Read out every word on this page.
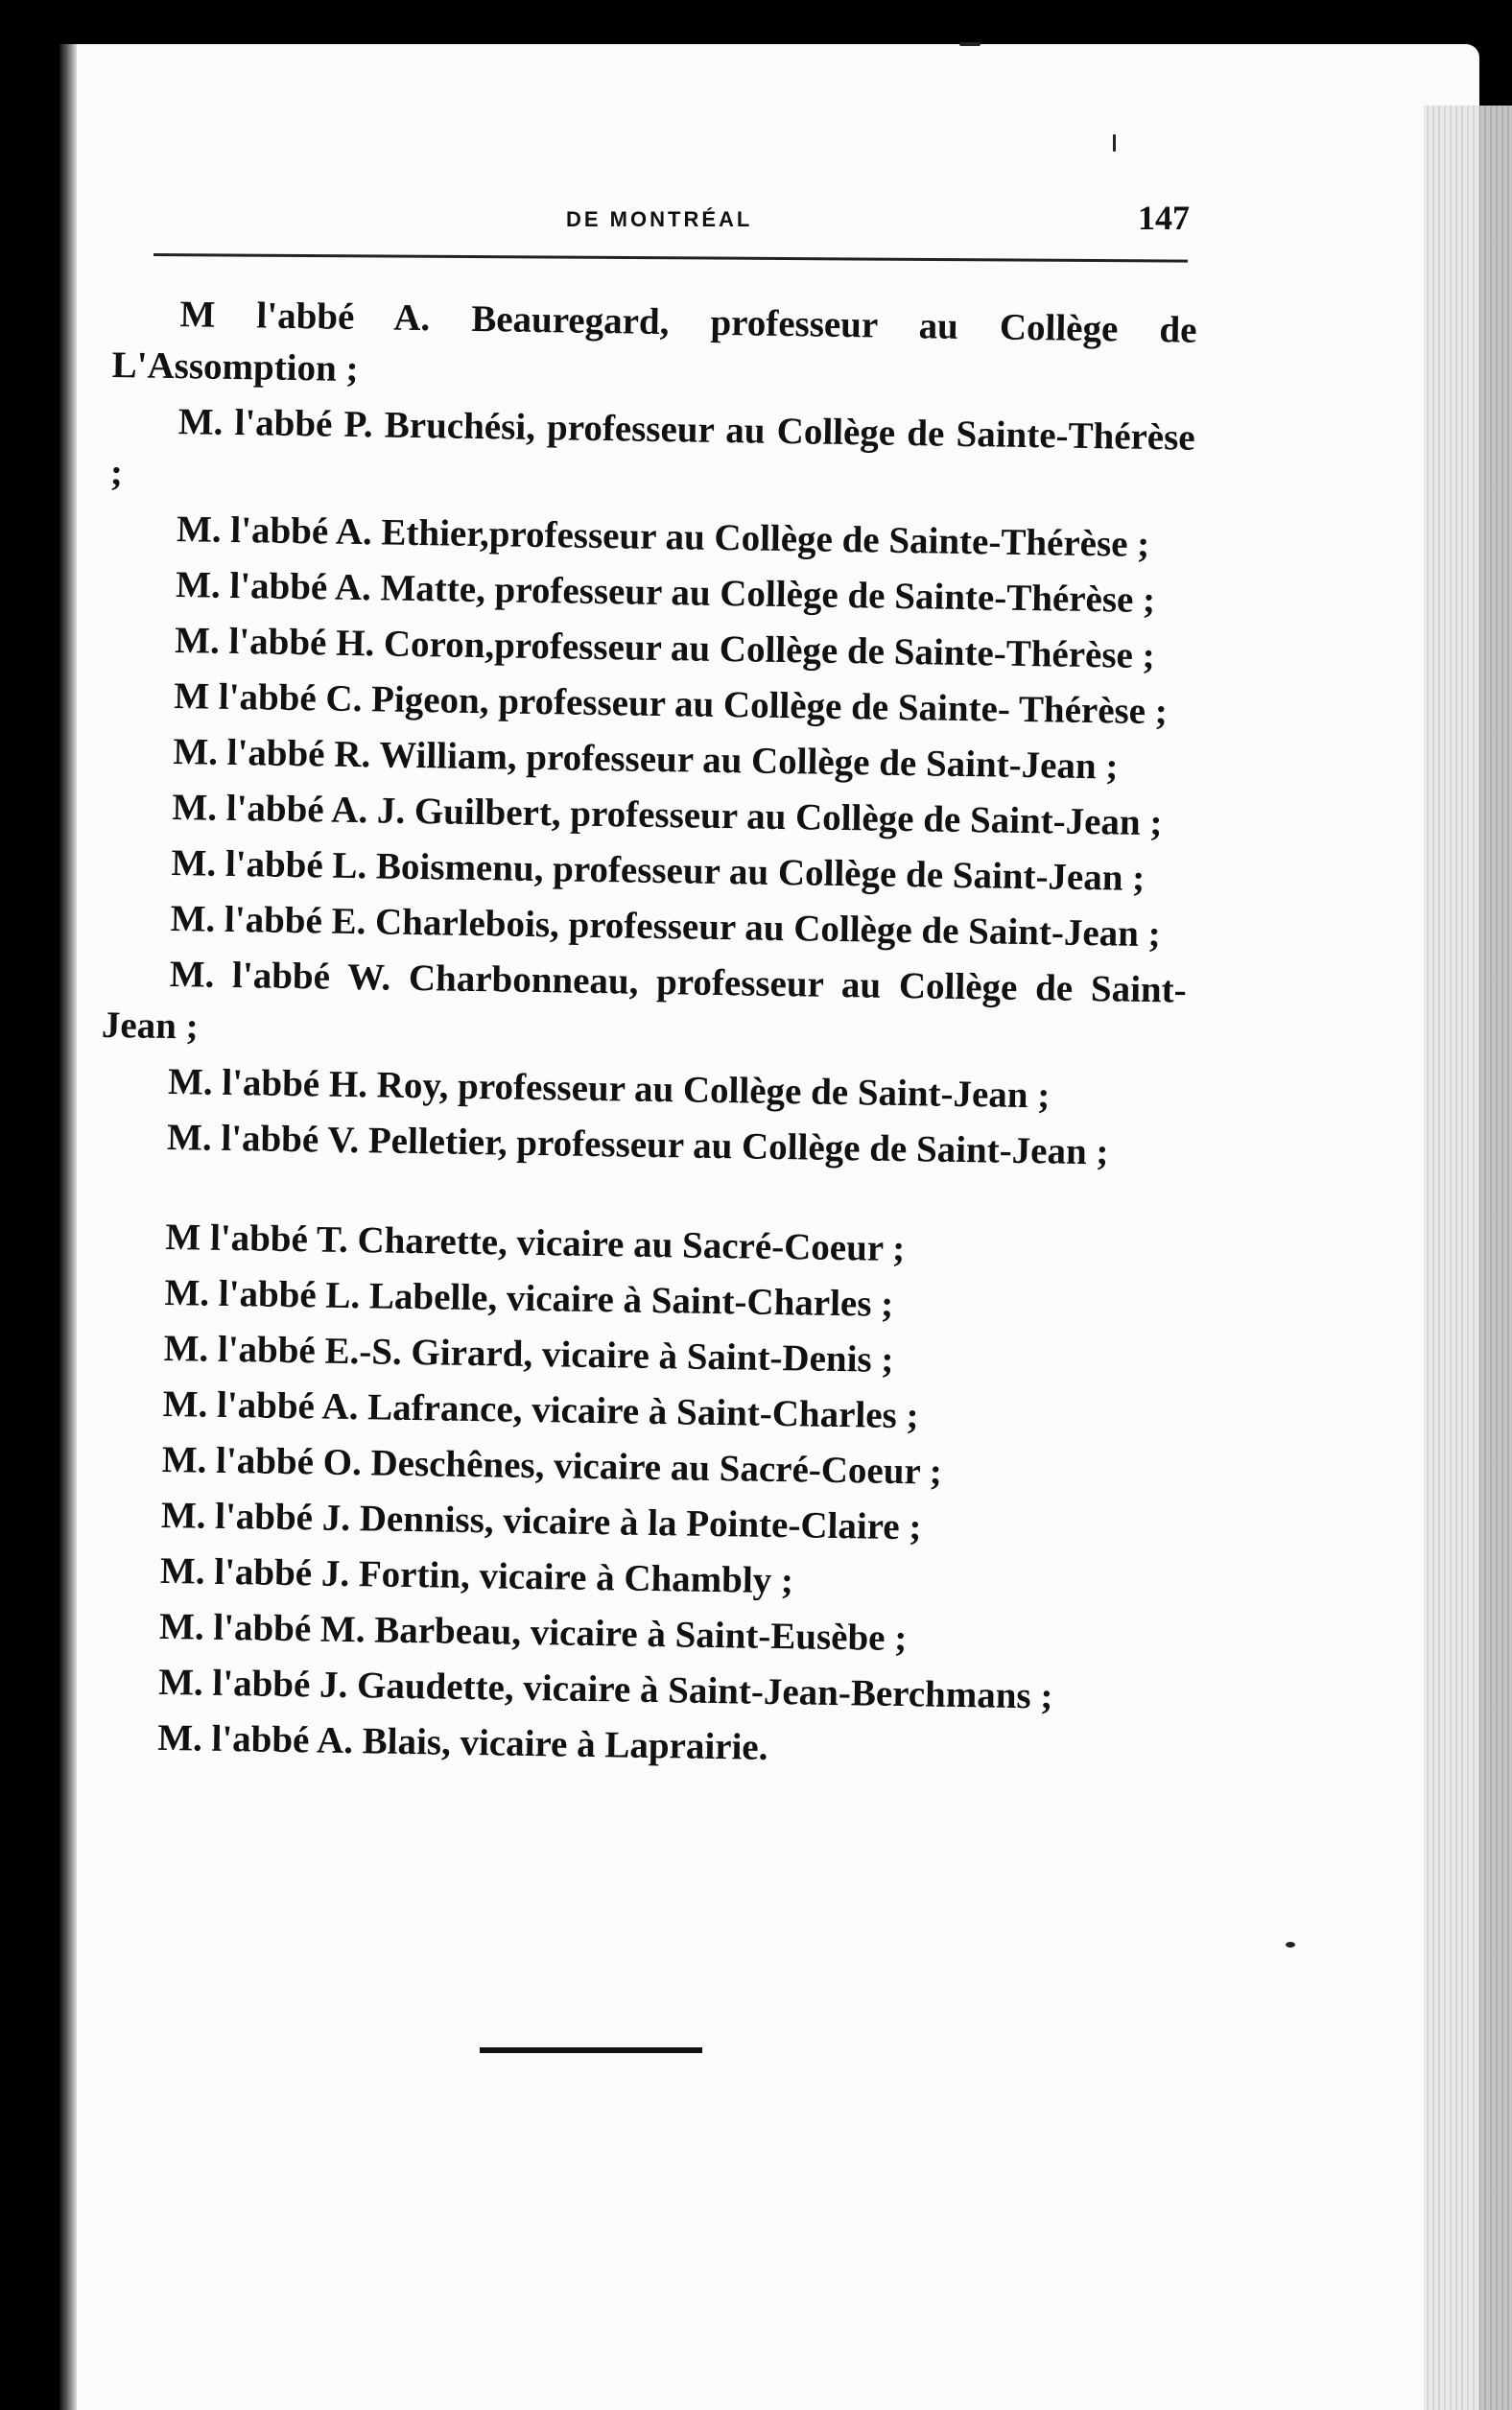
DE MONTRÉAL	147

M l'abbé A. Beauregard, professeur au Collège de L'Assomption ;

M. l'abbé P. Bruchési, professeur au Collège de Sainte-Thérèse ;

M. l'abbé A. Ethier,professeur au Collège de Sainte-Thérèse ;

M. l'abbé A. Matte, professeur au Collège de Sainte-Thérèse ;

M. l'abbé H. Coron,professeur au Collège de Sainte-Thérèse ;

M l'abbé C. Pigeon, professeur au Collège de Sainte- Thérèse ;

M. l'abbé R. William, professeur au Collège de Saint-Jean ;

M. l'abbé A. J. Guilbert, professeur au Collège de Saint-Jean ;

M. l'abbé L. Boismenu, professeur au Collège de Saint-Jean ;

M. l'abbé E. Charlebois, professeur au Collège de Saint-Jean ;

M. l'abbé W. Charbonneau, professeur au Collège de Saint-Jean ;

M. l'abbé H. Roy, professeur au Collège de Saint-Jean ;

M. l'abbé V. Pelletier, professeur au Collège de Saint-Jean ;

M l'abbé T. Charette, vicaire au Sacré-Coeur ;

M. l'abbé L. Labelle, vicaire à Saint-Charles ;

M. l'abbé E.-S. Girard, vicaire à Saint-Denis ;

M. l'abbé A. Lafrance, vicaire à Saint-Charles ;

M. l'abbé O. Deschênes, vicaire au Sacré-Coeur ;

M. l'abbé J. Denniss, vicaire à la Pointe-Claire ;

M. l'abbé J. Fortin, vicaire à Chambly ;

M. l'abbé M. Barbeau, vicaire à Saint-Eusèbe ;

M. l'abbé J. Gaudette, vicaire à Saint-Jean-Berchmans ;

M. l'abbé A. Blais, vicaire à Laprairie.
